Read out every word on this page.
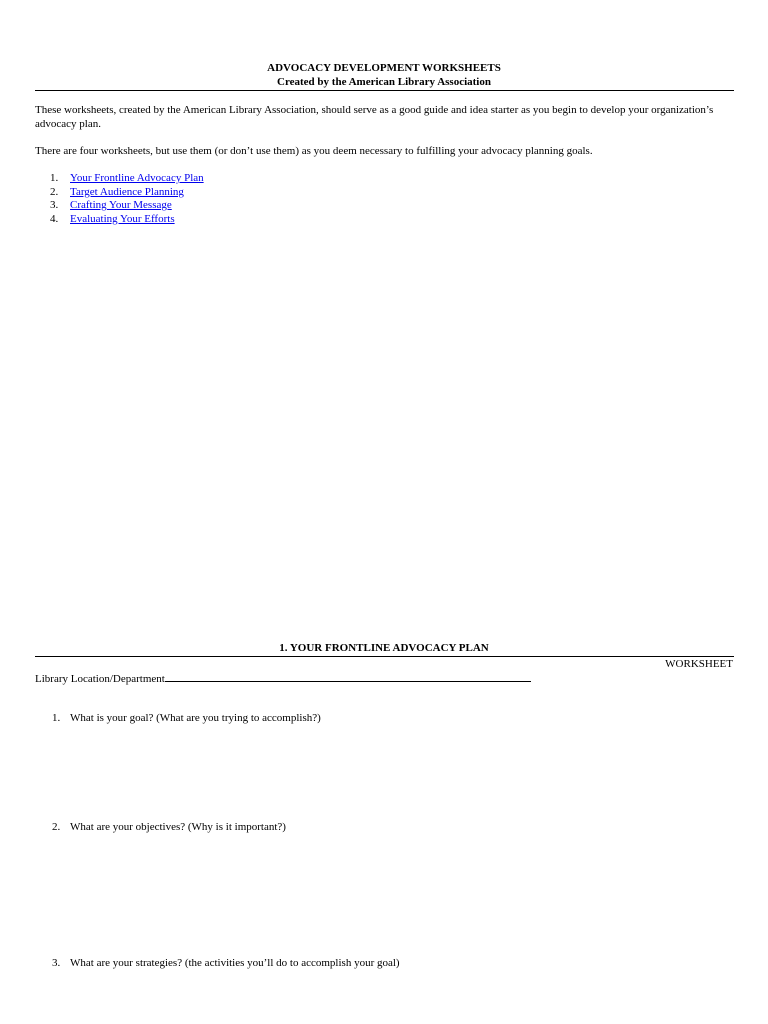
ADVOCACY DEVELOPMENT WORKSHEETS
Created by the American Library Association
These worksheets, created by the American Library Association, should serve as a good guide and idea starter as you begin to develop your organization’s advocacy plan.
There are four worksheets, but use them (or don’t use them) as you deem necessary to fulfilling your advocacy planning goals.
1. Your Frontline Advocacy Plan
2. Target Audience Planning
3. Crafting Your Message
4. Evaluating Your Efforts
1. YOUR FRONTLINE ADVOCACY PLAN
WORKSHEET
Library Location/Department
1. What is your goal? (What are you trying to accomplish?)
2. What are your objectives? (Why is it important?)
3. What are your strategies? (the activities you’ll do to accomplish your goal)
